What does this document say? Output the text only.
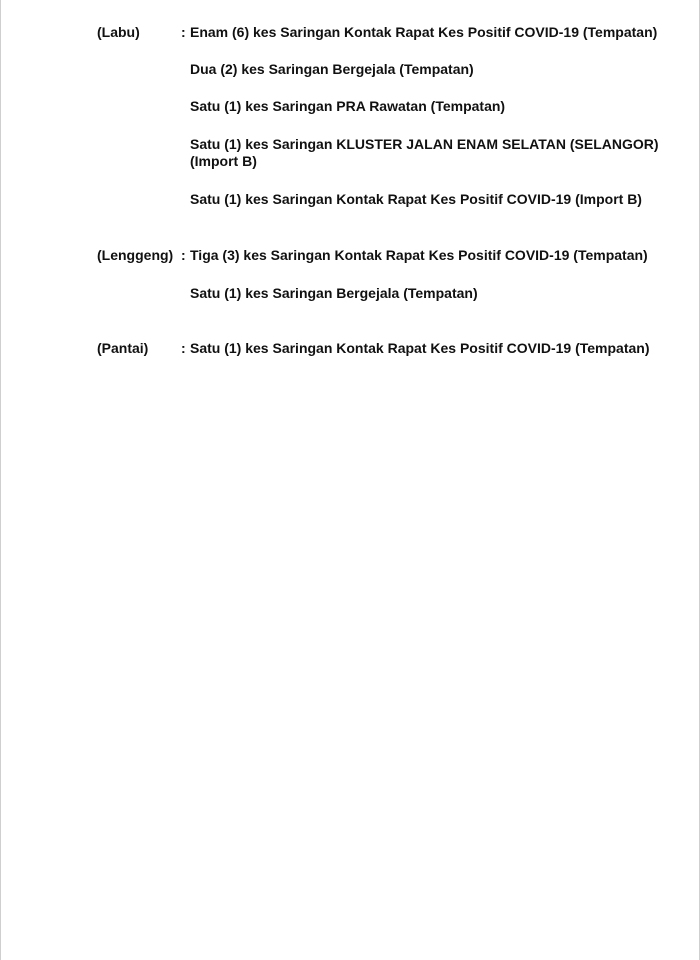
(Labu)	: Enam (6) kes Saringan Kontak Rapat Kes Positif COVID-19 (Tempatan)
Dua (2) kes Saringan Bergejala (Tempatan)
Satu (1) kes Saringan PRA Rawatan (Tempatan)
Satu (1) kes Saringan KLUSTER JALAN ENAM SELATAN (SELANGOR) (Import B)
Satu (1) kes Saringan Kontak Rapat Kes Positif COVID-19 (Import B)
(Lenggeng) : Tiga (3) kes Saringan Kontak Rapat Kes Positif COVID-19 (Tempatan)
Satu (1) kes Saringan Bergejala (Tempatan)
(Pantai) : Satu (1) kes Saringan Kontak Rapat Kes Positif COVID-19 (Tempatan)
